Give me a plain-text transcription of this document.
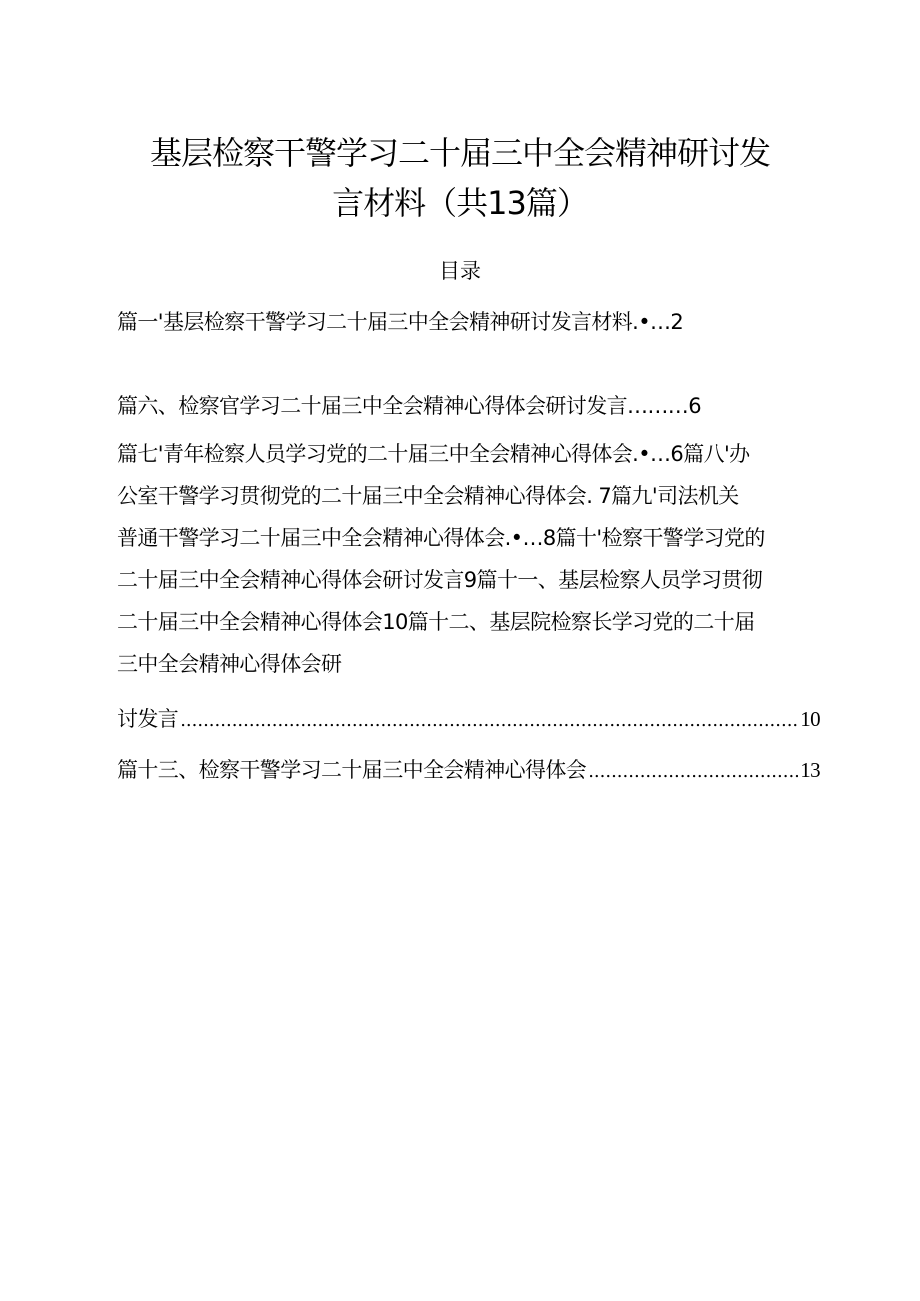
基层检察干警学习二十届三中全会精神研讨发
言材料（共13篇）
目录
篇一'基层检察干警学习二十届三中全会精神研讨发言材料.•…2
篇六、检察官学习二十届三中全会精神心得体会研讨发言………6
篇七'青年检察人员学习党的二十届三中全会精神心得体会.•…6篇八'办
公室干警学习贯彻党的二十届三中全会精神心得体会. 7篇九'司法机关
普通干警学习二十届三中全会精神心得体会.•…8篇十'检察干警学习党的
二十届三中全会精神心得体会研讨发言9篇十一、基层检察人员学习贯彻
二十届三中全会精神心得体会10篇十二、基层院检察长学习党的二十届
三中全会精神心得体会研
讨发言 .....	10
篇十三、检察干警学习二十届三中全会精神心得体会 .....	13
